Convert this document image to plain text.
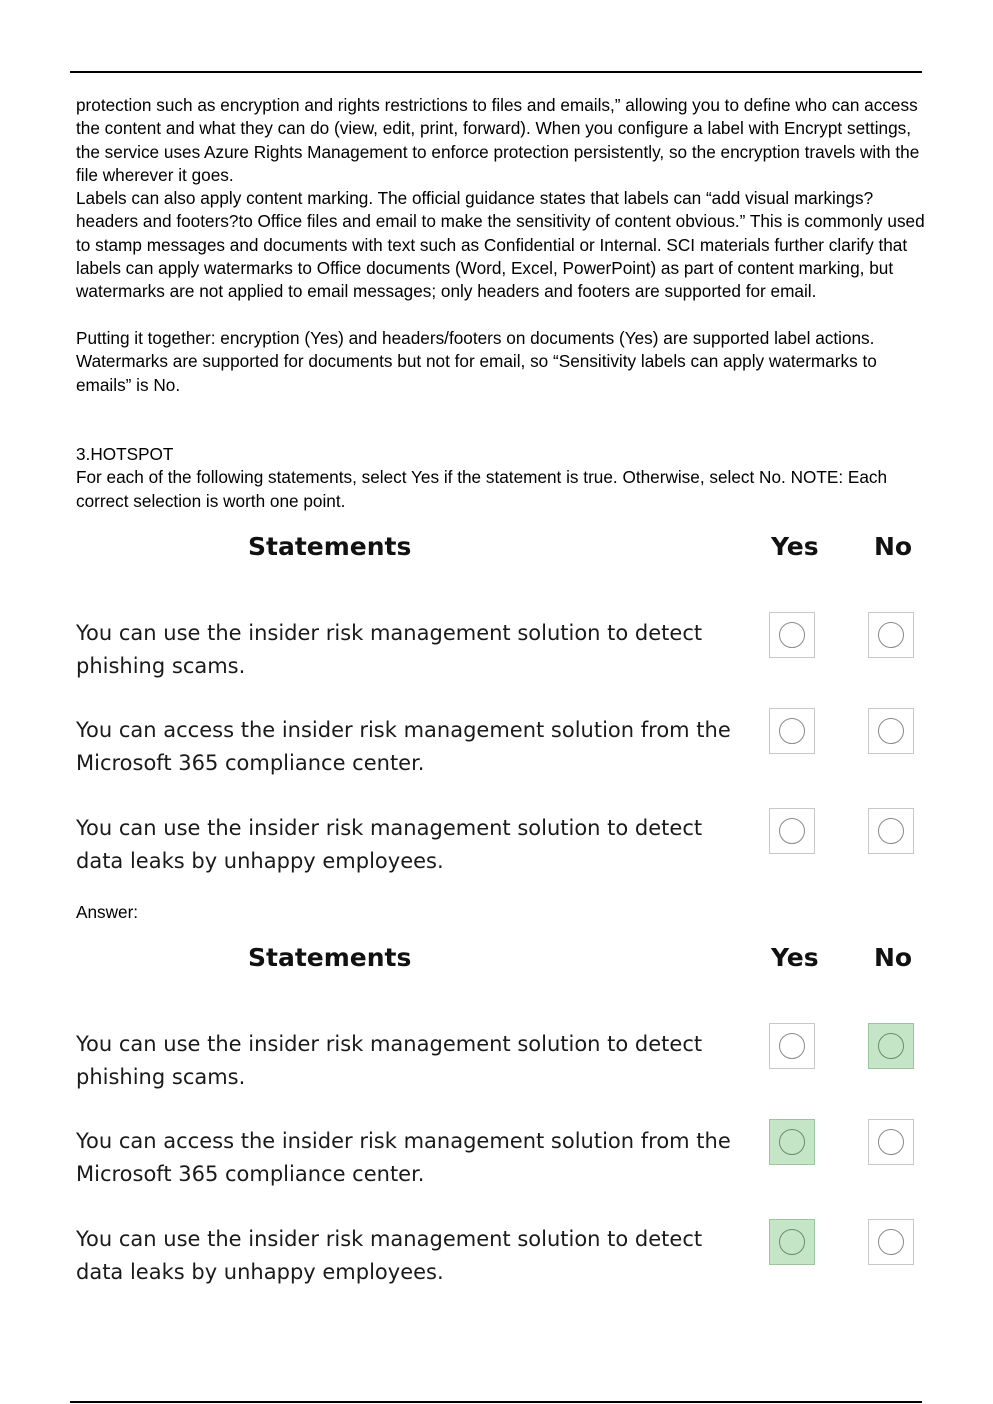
protection such as encryption and rights restrictions to files and emails,” allowing you to define who can access the content and what they can do (view, edit, print, forward). When you configure a label with Encrypt settings, the service uses Azure Rights Management to enforce protection persistently, so the encryption travels with the file wherever it goes.

Labels can also apply content marking. The official guidance states that labels can “add visual markings?headers and footers?to Office files and email to make the sensitivity of content obvious.” This is commonly used to stamp messages and documents with text such as Confidential or Internal. SCI materials further clarify that labels can apply watermarks to Office documents (Word, Excel, PowerPoint) as part of content marking, but watermarks are not applied to email messages; only headers and footers are supported for email.

Putting it together: encryption (Yes) and headers/footers on documents (Yes) are supported label actions. Watermarks are supported for documents but not for email, so “Sensitivity labels can apply watermarks to emails” is No.

3.HOTSPOT
For each of the following statements, select Yes if the statement is true. Otherwise, select No. NOTE: Each correct selection is worth one point.
Statements	Yes No
You can use the insider risk management solution to detect phishing scams.
You can access the insider risk management solution from the Microsoft 365 compliance center.
You can use the insider risk management solution to detect data leaks by unhappy employees.
Answer:
Statements	Yes No
You can use the insider risk management solution to detect phishing scams.
You can access the insider risk management solution from the Microsoft 365 compliance center.
You can use the insider risk management solution to detect data leaks by unhappy employees.
